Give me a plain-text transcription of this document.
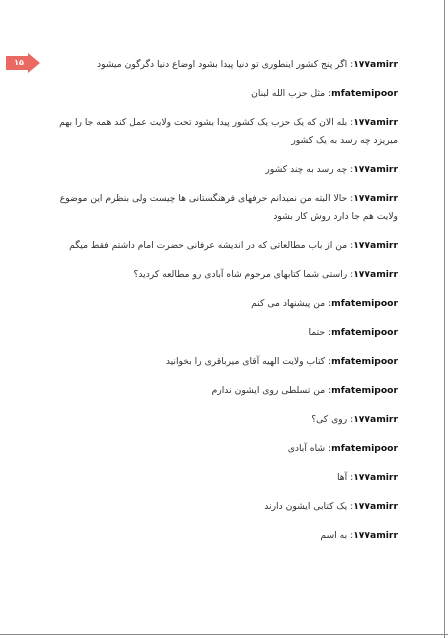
۱۵	۱۷۷amirr: اگر پنج کشور اینطوری تو دنیا پیدا بشود اوضاع دنیا دگرگون میشود

mfatemipoor: مثل حزب الله لبنان

۱۷۷amirr: بله الان که یک حزب یک کشور پیدا بشود تحت ولایت عمل کند همه جا را بهم میریزد چه رسد به یک کشور

۱۷۷amirr: چه رسد به چند کشور

۱۷۷amirr: حالا البته من نمیدانم حرفهای فرهنگستانی ها چیست ولی بنظرم این موضوع ولایت هم جا دارد روش کار بشود

۱۷۷amirr: من از باب مطالعاتی که در اندیشه عرفانی حضرت امام داشتم فقط میگم

۱۷۷amirr: راستی شما کتابهای مرحوم شاه آبادی رو مطالعه کردید؟

mfatemipoor: من پیشنهاد می کنم

mfatemipoor: حتما

mfatemipoor: کتاب ولایت الهیه آقای میرباقری را بخوانید

mfatemipoor: من تسلطی روی ایشون ندارم

۱۷۷amirr: روی کی؟

mfatemipoor: شاه آبادی

۱۷۷amirr: آها

۱۷۷amirr: یک کتابی ایشون دارند

۱۷۷amirr: به اسم
